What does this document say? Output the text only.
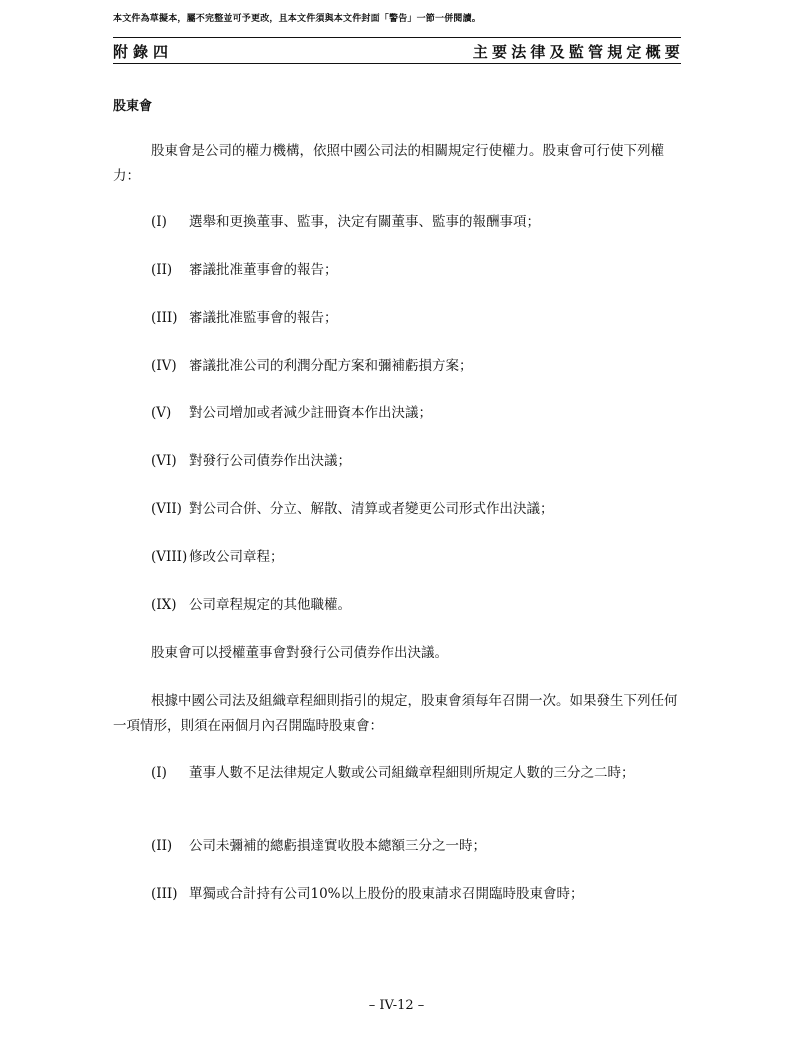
本文件為草擬本，屬不完整並可予更改，且本文件須與本文件封面「警告」一節一併閱讀。
附錄四	主要法律及監管規定概要
股東會
股東會是公司的權力機構，依照中國公司法的相關規定行使權力。股東會可行使下列權力：
(I)	選舉和更換董事、監事，決定有關董事、監事的報酬事項；
(II)	審議批准董事會的報告；
(III) 審議批准監事會的報告；
(IV) 審議批准公司的利潤分配方案和彌補虧損方案；
(V)	對公司增加或者減少註冊資本作出決議；
(VI) 對發行公司債券作出決議；
(VII) 對公司合併、分立、解散、清算或者變更公司形式作出決議；
(VIII) 修改公司章程；
(IX) 公司章程規定的其他職權。
股東會可以授權董事會對發行公司債券作出決議。
根據中國公司法及組織章程細則指引的規定，股東會須每年召開一次。如果發生下列任何一項情形，則須在兩個月內召開臨時股東會：
(I)	董事人數不足法律規定人數或公司組織章程細則所規定人數的三分之二時；
(II)	公司未彌補的總虧損達實收股本總額三分之一時；
(III) 單獨或合計持有公司10%以上股份的股東請求召開臨時股東會時；
– IV-12 –
